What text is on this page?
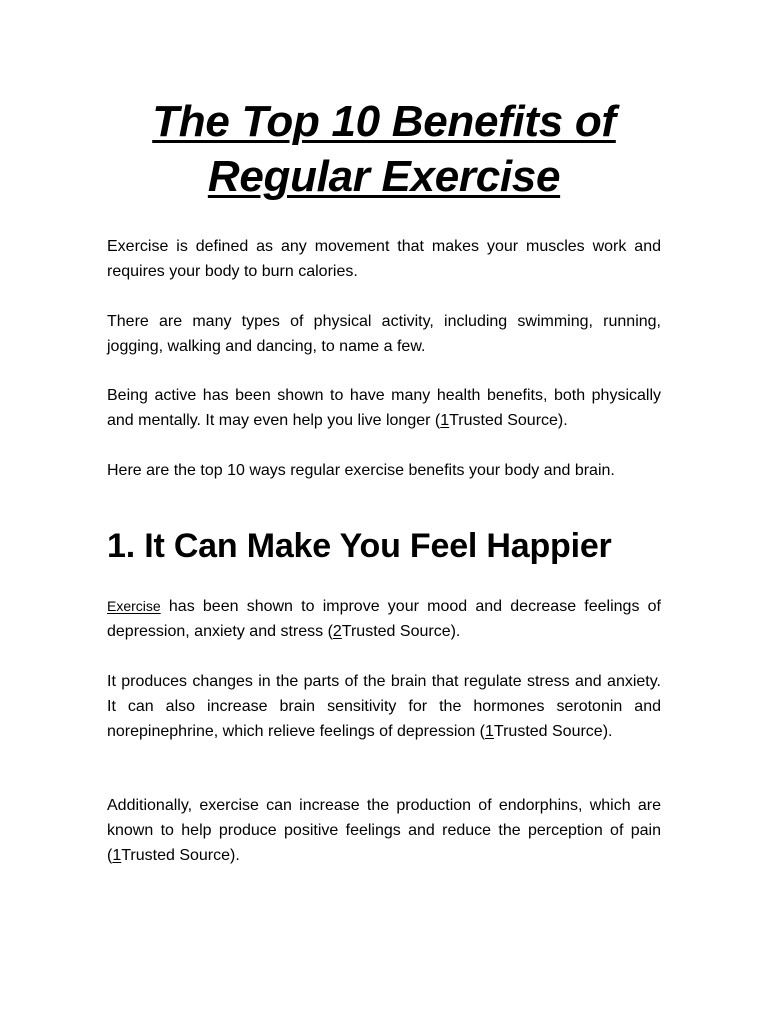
The Top 10 Benefits of
Regular Exercise

Exercise is defined as any movement that makes your muscles work and requires your body to burn calories.

There are many types of physical activity, including swimming, running, jogging, walking and dancing, to name a few.

Being active has been shown to have many health benefits, both physically and mentally. It may even help you live longer (1Trusted Source).

Here are the top 10 ways regular exercise benefits your body and brain.

1. It Can Make You Feel Happier

Exercise has been shown to improve your mood and decrease feelings of depression, anxiety and stress (2Trusted Source).

It produces changes in the parts of the brain that regulate stress and anxiety. It can also increase brain sensitivity for the hormones serotonin and norepinephrine, which relieve feelings of depression (1Trusted Source).

Additionally, exercise can increase the production of endorphins, which are known to help produce positive feelings and reduce the perception of pain (1Trusted Source).
